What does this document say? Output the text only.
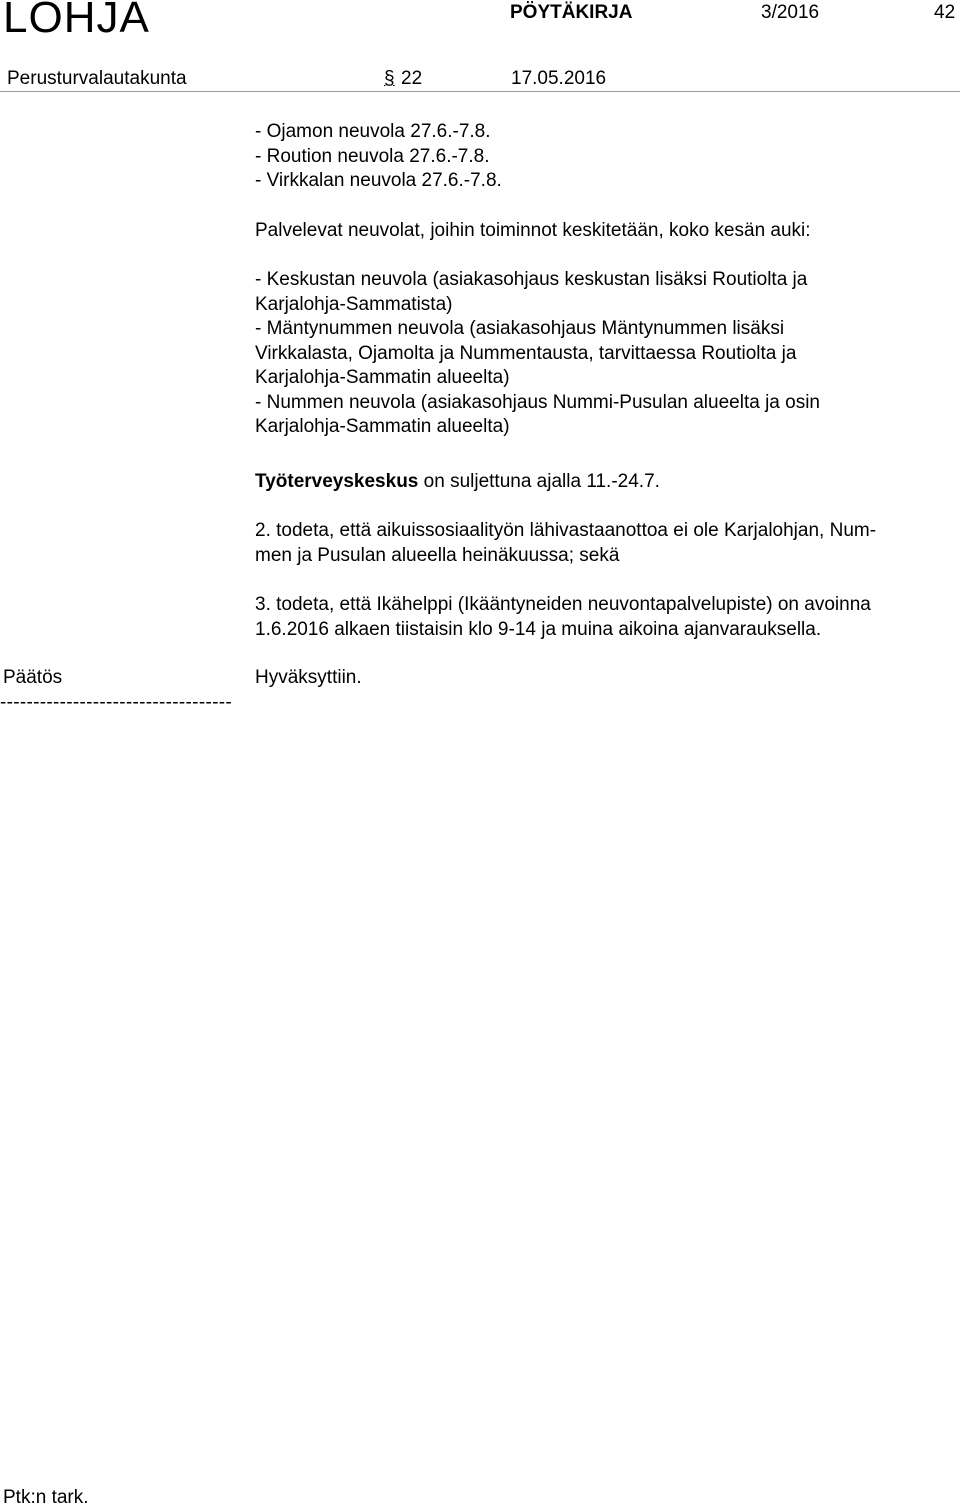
LOHJA	PÖYTÄKIRJA	3/2016	42
Perusturvalautakunta	§ 22	17.05.2016
- Ojamon neuvola 27.6.-7.8.
- Roution neuvola 27.6.-7.8.
- Virkkalan neuvola 27.6.-7.8.
Palvelevat neuvolat, joihin toiminnot keskitetään, koko kesän auki:
- Keskustan neuvola (asiakasohjaus keskustan lisäksi Routiolta ja
Karjalohja-Sammatista)
- Mäntynummen neuvola (asiakasohjaus Mäntynummen lisäksi
Virkkalasta, Ojamolta ja Nummentausta, tarvittaessa Routiolta ja
Karjalohja-Sammatin alueelta)
- Nummen neuvola (asiakasohjaus Nummi-Pusulan alueelta ja osin
Karjalohja-Sammatin alueelta)
Työterveyskeskus on suljettuna ajalla 11.-24.7.
2. todeta, että aikuissosiaalityön lähivastaanottoa ei ole Karjalohjan, Num-
men ja Pusulan alueella heinäkuussa; sekä
3. todeta, että Ikähelppi (Ikääntyneiden neuvontapalvelupiste) on avoinna
1.6.2016 alkaen tiistaisin klo 9-14 ja muina aikoina ajanvarauksella.
Päätös	Hyväksyttiin.
-----------------------------------
Ptk:n tark.
